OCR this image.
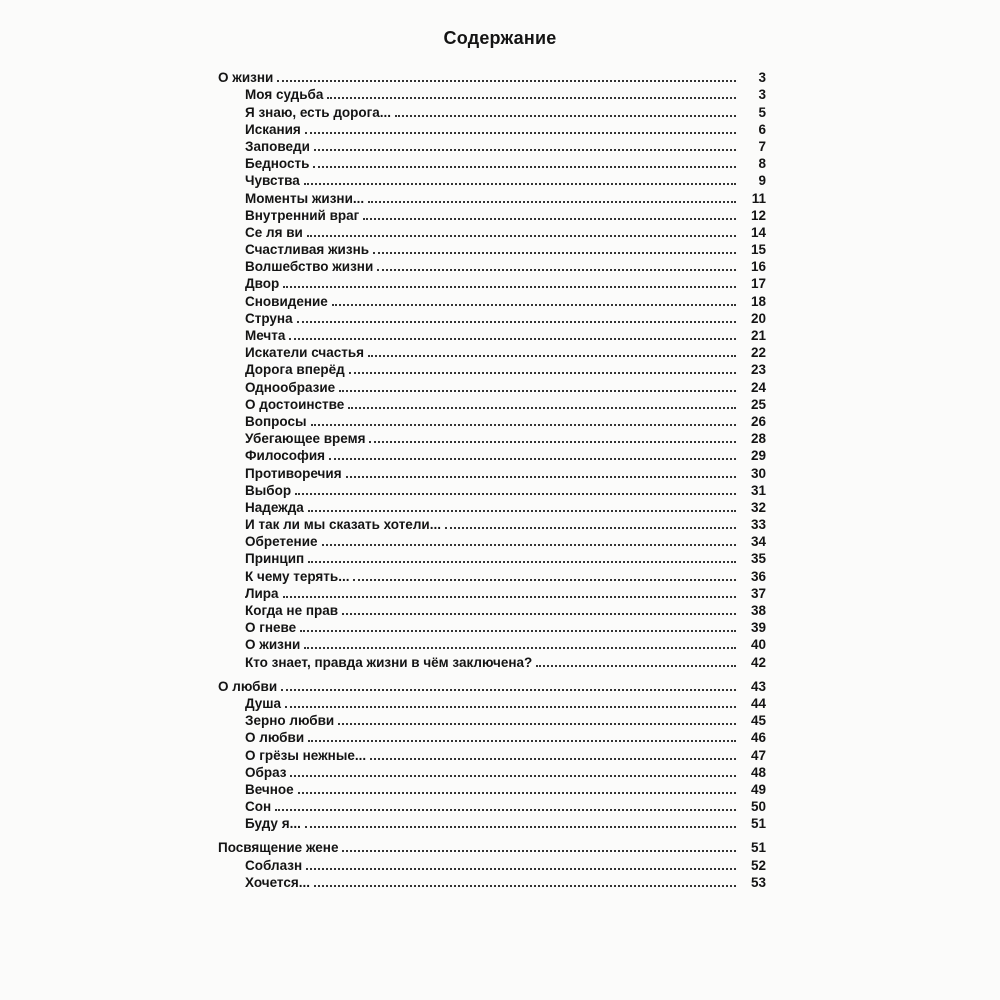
Содержание
О жизни	3
Моя судьба	3
Я знаю, есть дорога...	5
Искания	6
Заповеди	7
Бедность	8
Чувства	9
Моменты жизни...	11
Внутренний враг	12
Се ля ви	14
Счастливая жизнь	15
Волшебство жизни	16
Двор	17
Сновидение	18
Струна	20
Мечта	21
Искатели счастья	22
Дорога вперёд	23
Однообразие	24
О достоинстве	25
Вопросы	26
Убегающее время	28
Философия	29
Противоречия	30
Выбор	31
Надежда	32
И так ли мы сказать хотели...	33
Обретение	34
Принцип	35
К чему терять...	36
Лира	37
Когда не прав	38
О гневе	39
О жизни	40
Кто знает, правда жизни в чём заключена?	42
О любви	43
Душа	44
Зерно любви	45
О любви	46
О грёзы нежные...	47
Образ	48
Вечное	49
Сон	50
Буду я...	51
Посвящение жене	51
Соблазн	52
Хочется...	53
